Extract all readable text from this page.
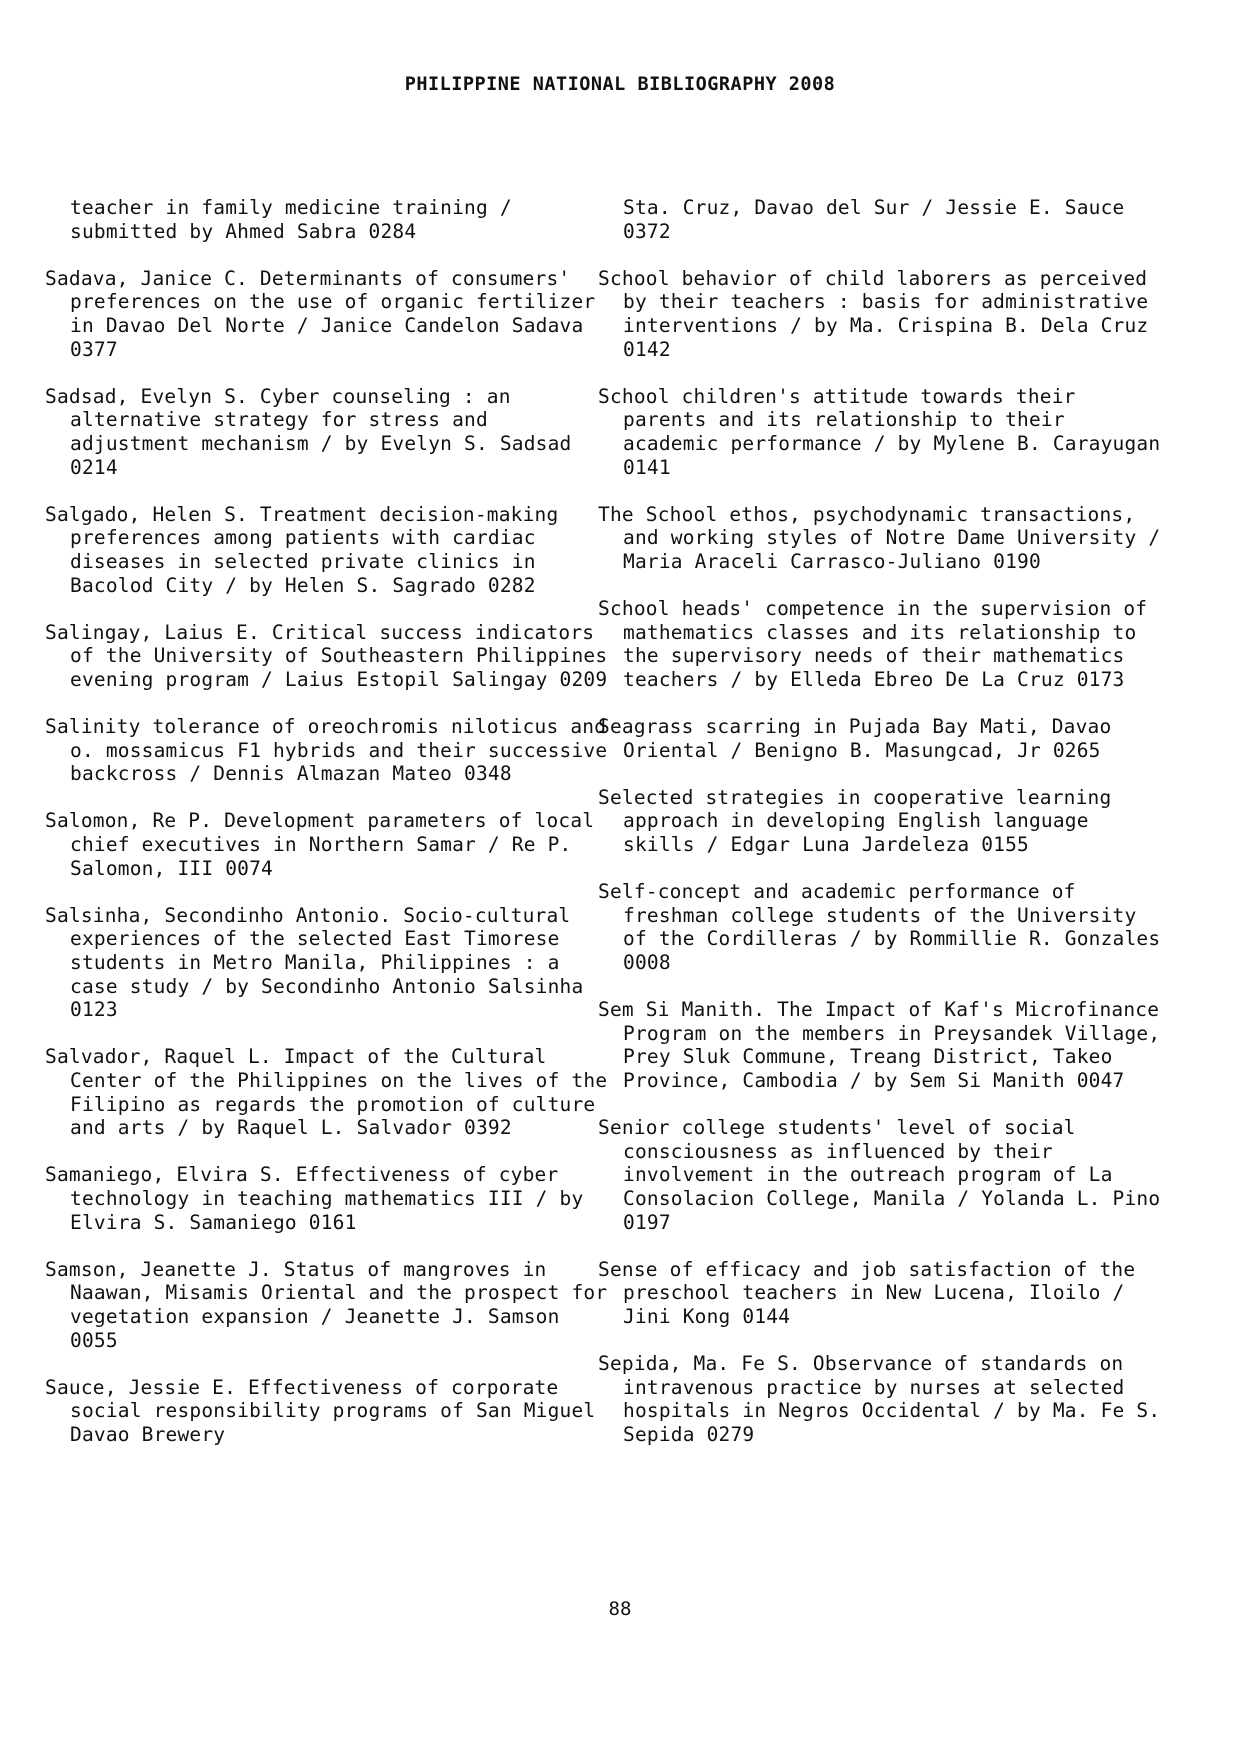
PHILIPPINE NATIONAL BIBLIOGRAPHY 2008

teacher in family medicine training / submitted by Ahmed Sabra 0284

Sadava, Janice C. Determinants of consumers' preferences on the use of organic fertilizer in Davao Del Norte / Janice Candelon Sadava 0377

Sadsad, Evelyn S. Cyber counseling : an alternative strategy for stress and adjustment mechanism / by Evelyn S. Sadsad 0214

Salgado, Helen S. Treatment decision-making preferences among patients with cardiac diseases in selected private clinics in Bacolod City / by Helen S. Sagrado 0282

Salingay, Laius E. Critical success indicators of the University of Southeastern Philippines evening program / Laius Estopil Salingay 0209

Salinity tolerance of oreochromis niloticus and o. mossamicus F1 hybrids and their successive backcross / Dennis Almazan Mateo 0348

Salomon, Re P. Development parameters of local chief executives in Northern Samar / Re P. Salomon, III 0074

Salsinha, Secondinho Antonio. Socio-cultural experiences of the selected East Timorese students in Metro Manila, Philippines : a case study / by Secondinho Antonio Salsinha 0123

Salvador, Raquel L. Impact of the Cultural Center of the Philippines on the lives of the Filipino as regards the promotion of culture and arts / by Raquel L. Salvador 0392

Samaniego, Elvira S. Effectiveness of cyber technology in teaching mathematics III / by Elvira S. Samaniego 0161

Samson, Jeanette J. Status of mangroves in Naawan, Misamis Oriental and the prospect for vegetation expansion / Jeanette J. Samson 0055

Sauce, Jessie E. Effectiveness of corporate social responsibility programs of San Miguel Davao Brewery

Sta. Cruz, Davao del Sur / Jessie E. Sauce 0372

School behavior of child laborers as perceived by their teachers : basis for administrative interventions / by Ma. Crispina B. Dela Cruz 0142

School children's attitude towards their parents and its relationship to their academic performance / by Mylene B. Carayugan 0141

The School ethos, psychodynamic transactions, and working styles of Notre Dame University / Maria Araceli Carrasco-Juliano 0190

School heads' competence in the supervision of mathematics classes and its relationship to the supervisory needs of their mathematics teachers / by Elleda Ebreo De La Cruz 0173

Seagrass scarring in Pujada Bay Mati, Davao Oriental / Benigno B. Masungcad, Jr 0265

Selected strategies in cooperative learning approach in developing English language skills / Edgar Luna Jardeleza 0155

Self-concept and academic performance of freshman college students of the University of the Cordilleras / by Rommillie R. Gonzales 0008

Sem Si Manith. The Impact of Kaf's Microfinance Program on the members in Preysandek Village, Prey Sluk Commune, Treang District, Takeo Province, Cambodia / by Sem Si Manith 0047

Senior college students' level of social consciousness as influenced by their involvement in the outreach program of La Consolacion College, Manila / Yolanda L. Pino 0197

Sense of efficacy and job satisfaction of the preschool teachers in New Lucena, Iloilo / Jini Kong 0144

Sepida, Ma. Fe S. Observance of standards on intravenous practice by nurses at selected hospitals in Negros Occidental / by Ma. Fe S. Sepida 0279

88
